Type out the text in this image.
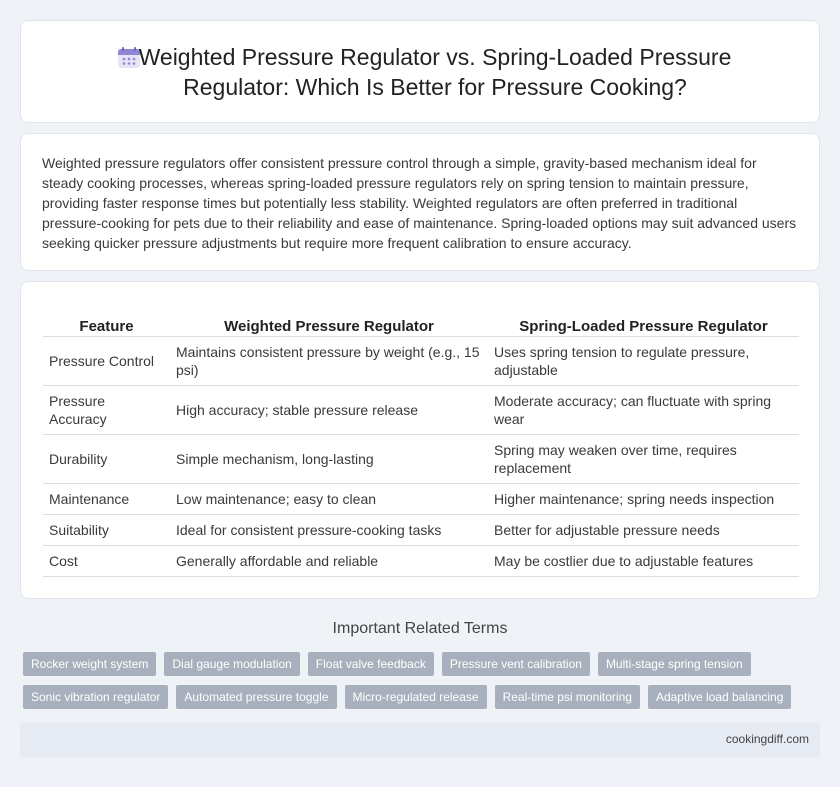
Weighted Pressure Regulator vs. Spring-Loaded Pressure Regulator: Which Is Better for Pressure Cooking?

Weighted pressure regulators offer consistent pressure control through a simple, gravity-based mechanism ideal for steady cooking processes, whereas spring-loaded pressure regulators rely on spring tension to maintain pressure, providing faster response times but potentially less stability. Weighted regulators are often preferred in traditional pressure-cooking for pets due to their reliability and ease of maintenance. Spring-loaded options may suit advanced users seeking quicker pressure adjustments but require more frequent calibration to ensure accuracy.

Feature	Weighted Pressure Regulator	Spring-Loaded Pressure Regulator
Pressure Control	Maintains consistent pressure by weight (e.g., 15 psi)	Uses spring tension to regulate pressure, adjustable
Pressure Accuracy	High accuracy; stable pressure release	Moderate accuracy; can fluctuate with spring wear
Durability	Simple mechanism, long-lasting	Spring may weaken over time, requires replacement
Maintenance	Low maintenance; easy to clean	Higher maintenance; spring needs inspection
Suitability	Ideal for consistent pressure-cooking tasks	Better for adjustable pressure needs
Cost	Generally affordable and reliable	May be costlier due to adjustable features
Important Related Terms
Rocker weight system	Dial gauge modulation	Float valve feedback	Pressure vent calibration	Multi-stage spring tension
Sonic vibration regulator	Automated pressure toggle	Micro-regulated release	Real-time psi monitoring	Adaptive load balancing
cookingdiff.com
